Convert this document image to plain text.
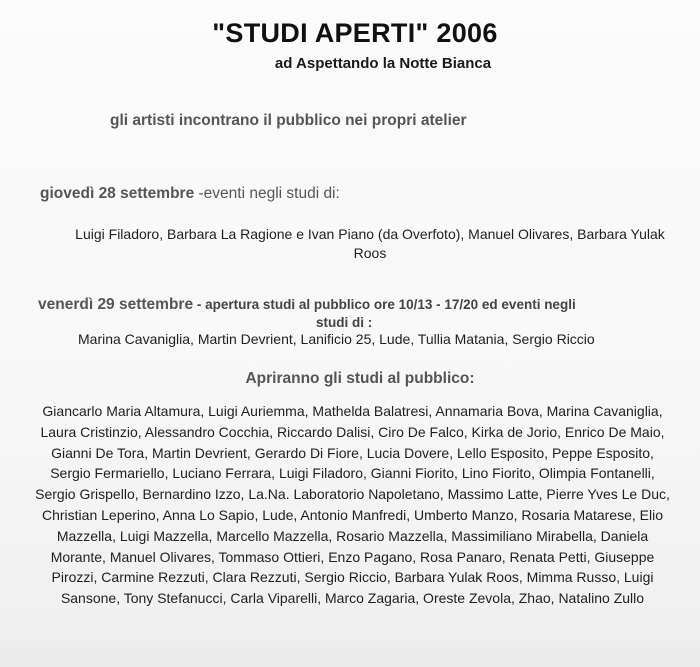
"STUDI APERTI" 2006
ad Aspettando la Notte Bianca
gli artisti incontrano il pubblico nei propri atelier
giovedì 28 settembre -eventi negli studi di:
Luigi Filadoro, Barbara La Ragione e Ivan Piano (da Overfoto), Manuel Olivares, Barbara Yulak Roos
venerdì 29 settembre - apertura studi al pubblico ore 10/13 - 17/20 ed eventi negli
studi di :
Marina Cavaniglia, Martin Devrient, Lanificio 25, Lude, Tullia Matania, Sergio Riccio
Apriranno gli studi al pubblico:
Giancarlo Maria Altamura, Luigi Auriemma, Mathelda Balatresi, Annamaria Bova, Marina Cavaniglia, Laura Cristinzio, Alessandro Cocchia, Riccardo Dalisi, Ciro De Falco, Kirka de Jorio, Enrico De Maio, Gianni De Tora, Martin Devrient, Gerardo Di Fiore, Lucia Dovere, Lello Esposito, Peppe Esposito, Sergio Fermariello, Luciano Ferrara, Luigi Filadoro, Gianni Fiorito, Lino Fiorito, Olimpia Fontanelli, Sergio Grispello, Bernardino Izzo, La.Na. Laboratorio Napoletano, Massimo Latte, Pierre Yves Le Duc, Christian Leperino, Anna Lo Sapio, Lude, Antonio Manfredi, Umberto Manzo, Rosaria Matarese, Elio Mazzella, Luigi Mazzella, Marcello Mazzella, Rosario Mazzella, Massimiliano Mirabella, Daniela Morante, Manuel Olivares, Tommaso Ottieri, Enzo Pagano, Rosa Panaro, Renata Petti, Giuseppe Pirozzi, Carmine Rezzuti, Clara Rezzuti, Sergio Riccio, Barbara Yulak Roos, Mimma Russo, Luigi Sansone, Tony Stefanucci, Carla Viparelli, Marco Zagaria, Oreste Zevola, Zhao, Natalino Zullo
